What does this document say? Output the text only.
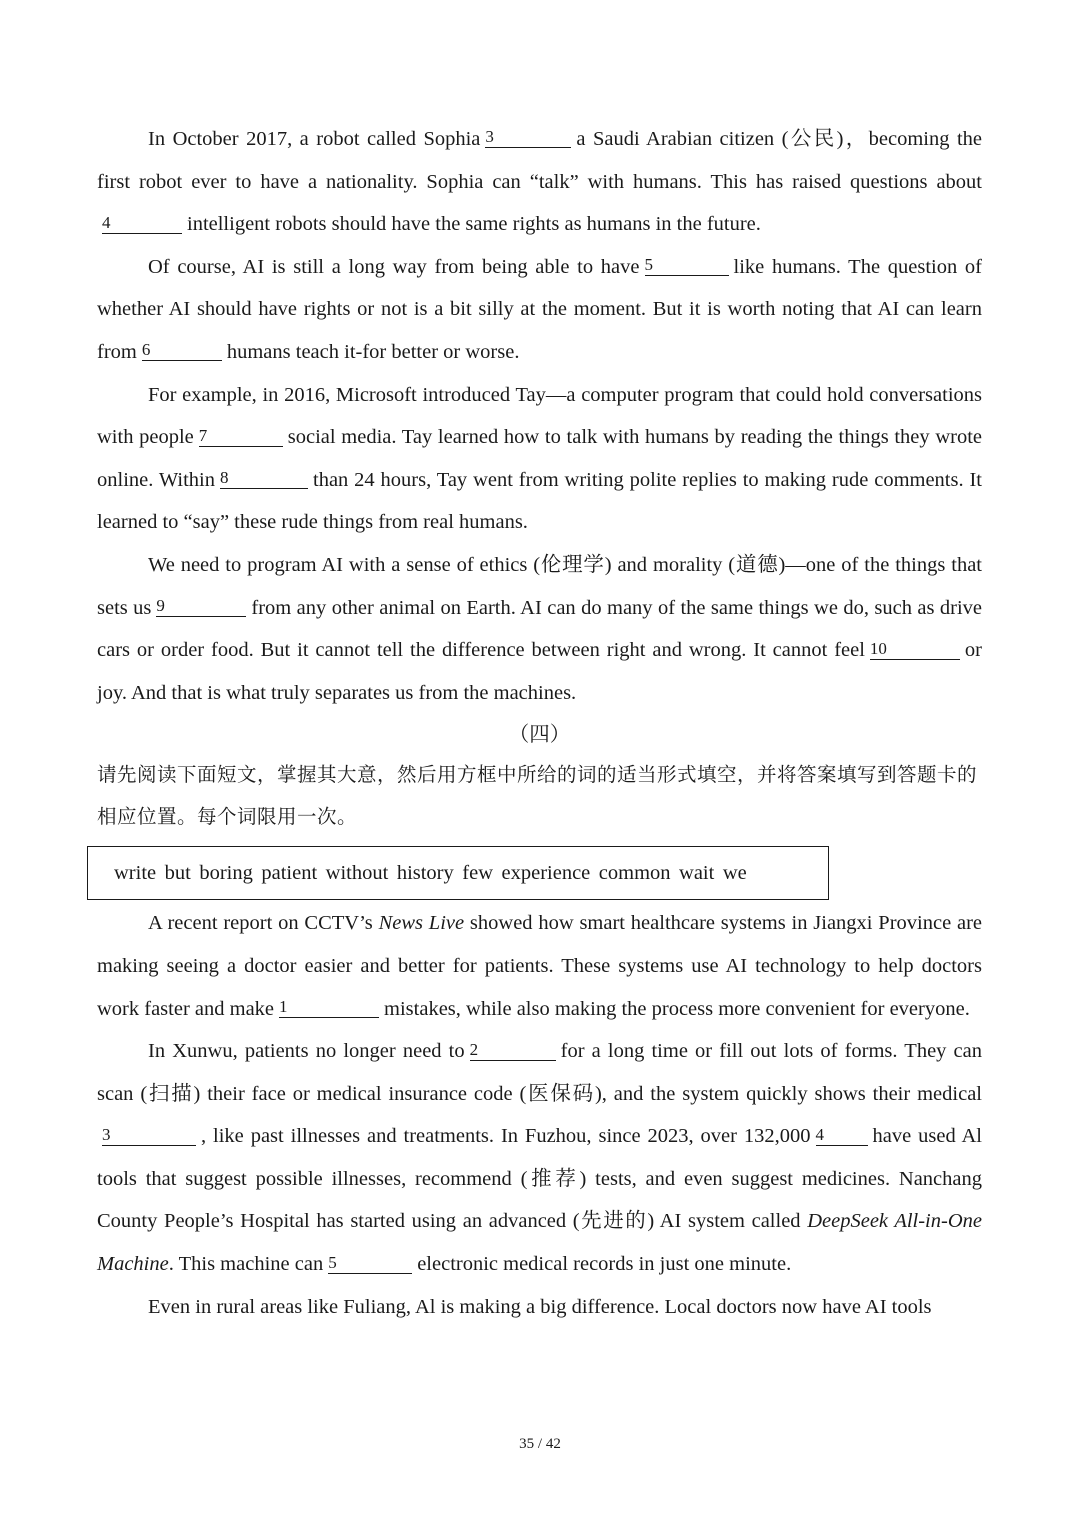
In October 2017, a robot called Sophia 3	a Saudi Arabian citizen (公民)，becoming the first robot ever to have a nationality. Sophia can “talk” with humans. This has raised questions about4	intelligent robots should have the same rights as humans in the future.

Of course, AI is still a long way from being able to have 5	like humans. The question of whether AI should have rights or not is a bit silly at the moment. But it is worth noting that AI can learn from 6	humans teach it-for better or worse.

For example, in 2016, Microsoft introduced Tay—a computer program that could hold conversations with people 7	social media. Tay learned how to talk with humans by reading the things they wrote online. Within 8	than 24 hours, Tay went from writing polite replies to making rude comments. It learned to “say” these rude things from real humans.

We need to program AI with a sense of ethics (伦理学) and morality (道德)—one of the things that sets us 9	from any other animal on Earth. AI can do many of the same things we do, such as drive cars or order food. But it cannot tell the difference between right and wrong. It cannot feel 10	or joy. And that is what truly separates us from the machines.

（四）

请先阅读下面短文，掌握其大意，然后用方框中所给的词的适当形式填空，并将答案填写到答题卡的相应位置。每个词限用一次。

write but boring patient without history few experience common wait we

A recent report on CCTV’s News Live showed how smart healthcare systems in Jiangxi Province are making seeing a doctor easier and better for patients. These systems use AI technology to help doctors work faster and make 1	mistakes, while also making the process more convenient for everyone.

In Xunwu, patients no longer need to 2	for a long time or fill out lots of forms. They can scan (扫描) their face or medical insurance code (医保码), and the system quickly shows their medical3	, like past illnesses and treatments. In Fuzhou, since 2023, over 132,000 4 have used Al tools that suggest possible illnesses, recommend (推荐) tests, and even suggest medicines. Nanchang County People’s Hospital has started using an advanced (先进的) AI system called DeepSeek All-in-One Machine. This machine can 5	electronic medical records in just one minute.

Even in rural areas like Fuliang, Al is making a big difference. Local doctors now have AI tools

35 / 42
